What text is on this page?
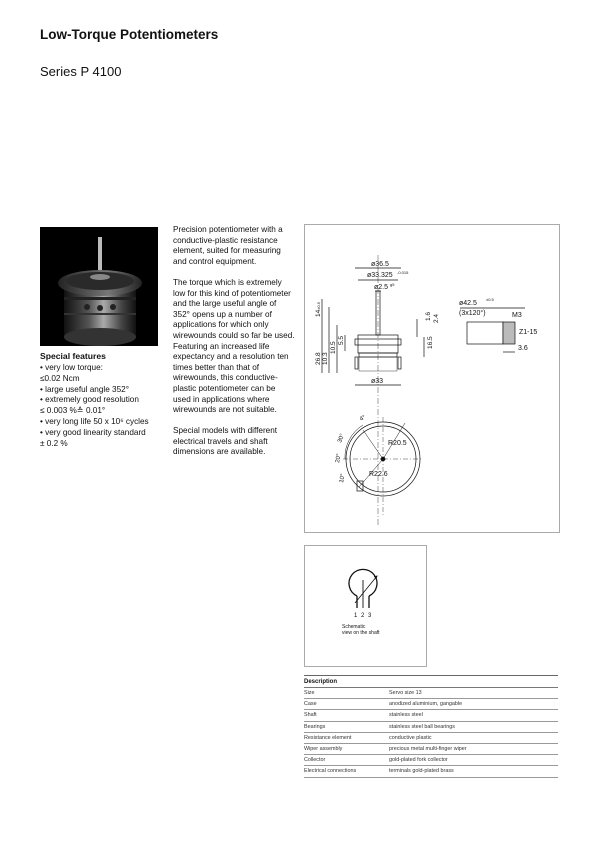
Low-Torque Potentiometers
Series P 4100
Special features
• very low torque:
≤0.02 Ncm
• large useful angle 352°
• extremely good resolution
≤ 0.003 %≙ 0.01°
• very long life 50 x 10⁶ cycles
• very good linearity standard
± 0.2 %

Precision potentiometer with a conductive-plastic resistance element, suited for measuring and control equipment.

The torque which is extremely low for this kind of potentiometer and the large useful angle of 352° opens up a number of applications for which only wirewounds could so far be used. Featuring an increased life expectancy and a resolution ten times better than that of wirewounds, this conductive-plastic potentiometer can be used in applications where wirewounds are not suitable.

Special models with different electrical travels and shaft dimensions are available.

ø36.5
ø33.325 -0.015
ø2.5 g5
14±0.5
26.8 10.3
10.5
5.5
1.6 2.4
16.5
ø33
ø42.5
±0.5
(3x120°)	M3
Z1-15
3.6
R20.5
R22.6
30°
20°
10°
4°
1 2 3
Schematic
view on the shaft
Description
Size	Servo size 13
Case	anodized aluminium, gangable
Shaft	stainless steel
Bearings	stainless steel ball bearings
Resistance element	conductive plastic
Wiper assembly	precious metal multi-finger wiper
Collector	gold-plated fork collector
Electrical connections	terminals gold-plated brass
